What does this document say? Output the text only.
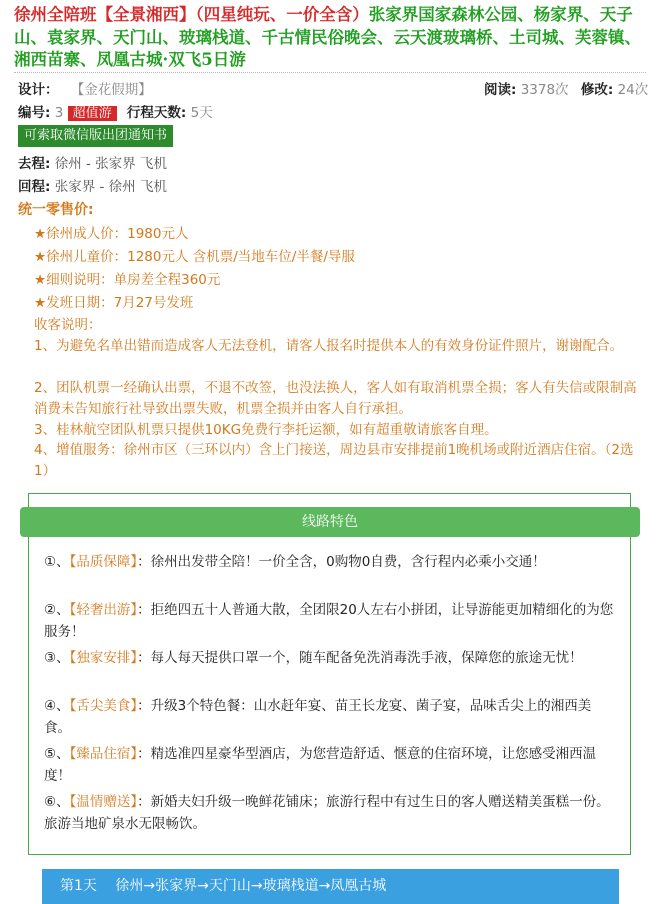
徐州全陪班【全景湘西】（四星纯玩、一价全含）张家界国家森林公园、杨家界、天子山、袁家界、天门山、玻璃栈道、千古情民俗晚会、云天渡玻璃桥、土司城、芙蓉镇、湘西苗寨、凤凰古城·双飞5日游
设计： 【金花假期】	阅读: 3378次 修改: 24次
编号: 3 超值游 行程天数: 5天
可索取微信版出团通知书
去程: 徐州 - 张家界 飞机
回程: 张家界 - 徐州 飞机
统一零售价:
★徐州成人价：1980元人
★徐州儿童价：1280元人 含机票/当地车位/半餐/导服
★细则说明：单房差全程360元
★发班日期：7月27号发班
收客说明：
1、为避免名单出错而造成客人无法登机，请客人报名时提供本人的有效身份证件照片，谢谢配合。
2、团队机票一经确认出票，不退不改签，也没法换人，客人如有取消机票全损；客人有失信或限制高消费未告知旅行社导致出票失败，机票全损并由客人自行承担。
3、桂林航空团队机票只提供10KG免费行李托运额，如有超重敬请旅客自理。
4、增值服务：徐州市区（三环以内）含上门接送，周边县市安排提前1晚机场或附近酒店住宿。（2选1）
线路特色
①、【品质保障】：徐州出发带全陪！一价全含，0购物0自费，含行程内必乘小交通！
②、【轻奢出游】：拒绝四五十人普通大散，全团限20人左右小拼团，让导游能更加精细化的为您服务！
③、【独家安排】：每人每天提供口罩一个，随车配备免洗消毒洗手液，保障您的旅途无忧！
④、【舌尖美食】：升级3个特色餐：山水赶年宴、苗王长龙宴、菌子宴，品味舌尖上的湘西美食。
⑤、【臻品住宿】：精选准四星豪华型酒店，为您营造舒适、惬意的住宿环境，让您感受湘西温度！
⑥、【温情赠送】：新婚夫妇升级一晚鲜花铺床；旅游行程中有过生日的客人赠送精美蛋糕一份。旅游当地矿泉水无限畅饮。
第1天 徐州→张家界→天门山→玻璃栈道→凤凰古城
